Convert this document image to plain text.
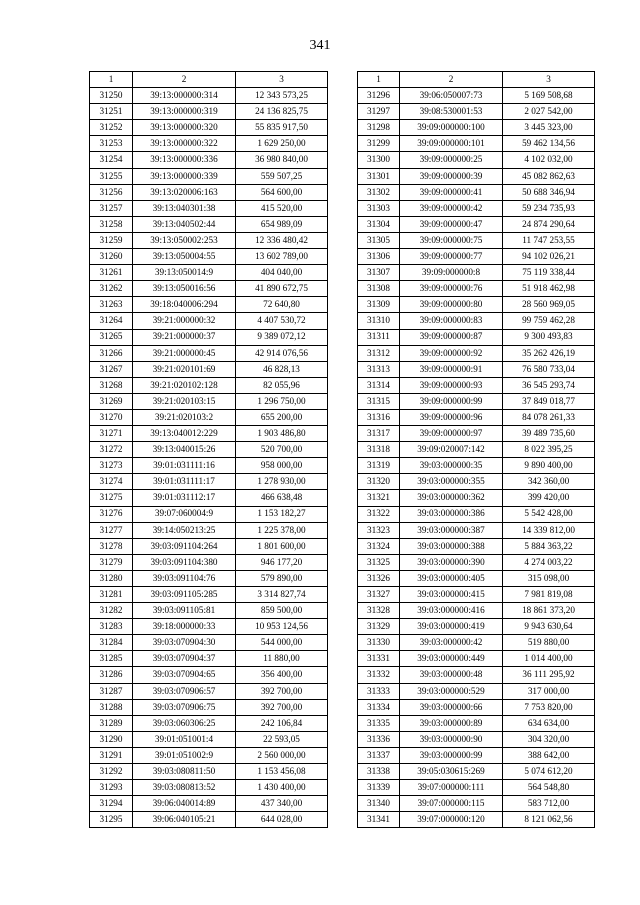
341
1	2	3
31250	39:13:000000:314	12 343 573,25
31251	39:13:000000:319	24 136 825,75
31252	39:13:000000:320	55 835 917,50
31253	39:13:000000:322	1 629 250,00
31254	39:13:000000:336	36 980 840,00
31255	39:13:000000:339	559 507,25
31256	39:13:020006:163	564 600,00
31257	39:13:040301:38	415 520,00
31258	39:13:040502:44	654 989,09
31259	39:13:050002:253	12 336 480,42
31260	39:13:050004:55	13 602 789,00
31261	39:13:050014:9	404 040,00
31262	39:13:050016:56	41 890 672,75
31263	39:18:040006:294	72 640,80
31264	39:21:000000:32	4 407 530,72
31265	39:21:000000:37	9 389 072,12
31266	39:21:000000:45	42 914 076,56
31267	39:21:020101:69	46 828,13
31268	39:21:020102:128	82 055,96
31269	39:21:020103:15	1 296 750,00
31270	39:21:020103:2	655 200,00
31271	39:13:040012:229	1 903 486,80
31272	39:13:040015:26	520 700,00
31273	39:01:031111:16	958 000,00
31274	39:01:031111:17	1 278 930,00
31275	39:01:031112:17	466 638,48
31276	39:07:060004:9	1 153 182,27
31277	39:14:050213:25	1 225 378,00
31278	39:03:091104:264	1 801 600,00
31279	39:03:091104:380	946 177,20
31280	39:03:091104:76	579 890,00
31281	39:03:091105:285	3 314 827,74
31282	39:03:091105:81	859 500,00
31283	39:18:000000:33	10 953 124,56
31284	39:03:070904:30	544 000,00
31285	39:03:070904:37	11 880,00
31286	39:03:070904:65	356 400,00
31287	39:03:070906:57	392 700,00
31288	39:03:070906:75	392 700,00
31289	39:03:060306:25	242 106,84
31290	39:01:051001:4	22 593,05
31291	39:01:051002:9	2 560 000,00
31292	39:03:080811:50	1 153 456,08
31293	39:03:080813:52	1 430 400,00
31294	39:06:040014:89	437 340,00
31295	39:06:040105:21	644 028,00
1	2	3
31296	39:06:050007:73	5 169 508,68
31297	39:08:530001:53	2 027 542,00
31298	39:09:000000:100	3 445 323,00
31299	39:09:000000:101	59 462 134,56
31300	39:09:000000:25	4 102 032,00
31301	39:09:000000:39	45 082 862,63
31302	39:09:000000:41	50 688 346,94
31303	39:09:000000:42	59 234 735,93
31304	39:09:000000:47	24 874 290,64
31305	39:09:000000:75	11 747 253,55
31306	39:09:000000:77	94 102 026,21
31307	39:09:000000:8	75 119 338,44
31308	39:09:000000:76	51 918 462,98
31309	39:09:000000:80	28 560 969,05
31310	39:09:000000:83	99 759 462,28
31311	39:09:000000:87	9 300 493,83
31312	39:09:000000:92	35 262 426,19
31313	39:09:000000:91	76 580 733,04
31314	39:09:000000:93	36 545 293,74
31315	39:09:000000:99	37 849 018,77
31316	39:09:000000:96	84 078 261,33
31317	39:09:000000:97	39 489 735,60
31318	39:09:020007:142	8 022 395,25
31319	39:03:000000:35	9 890 400,00
31320	39:03:000000:355	342 360,00
31321	39:03:000000:362	399 420,00
31322	39:03:000000:386	5 542 428,00
31323	39:03:000000:387	14 339 812,00
31324	39:03:000000:388	5 884 363,22
31325	39:03:000000:390	4 274 003,22
31326	39:03:000000:405	315 098,00
31327	39:03:000000:415	7 981 819,08
31328	39:03:000000:416	18 861 373,20
31329	39:03:000000:419	9 943 630,64
31330	39:03:000000:42	519 880,00
31331	39:03:000000:449	1 014 400,00
31332	39:03:000000:48	36 111 295,92
31333	39:03:000000:529	317 000,00
31334	39:03:000000:66	7 753 820,00
31335	39:03:000000:89	634 634,00
31336	39:03:000000:90	304 320,00
31337	39:03:000000:99	388 642,00
31338	39:05:030615:269	5 074 612,20
31339	39:07:000000:111	564 548,80
31340	39:07:000000:115	583 712,00
31341	39:07:000000:120	8 121 062,56
